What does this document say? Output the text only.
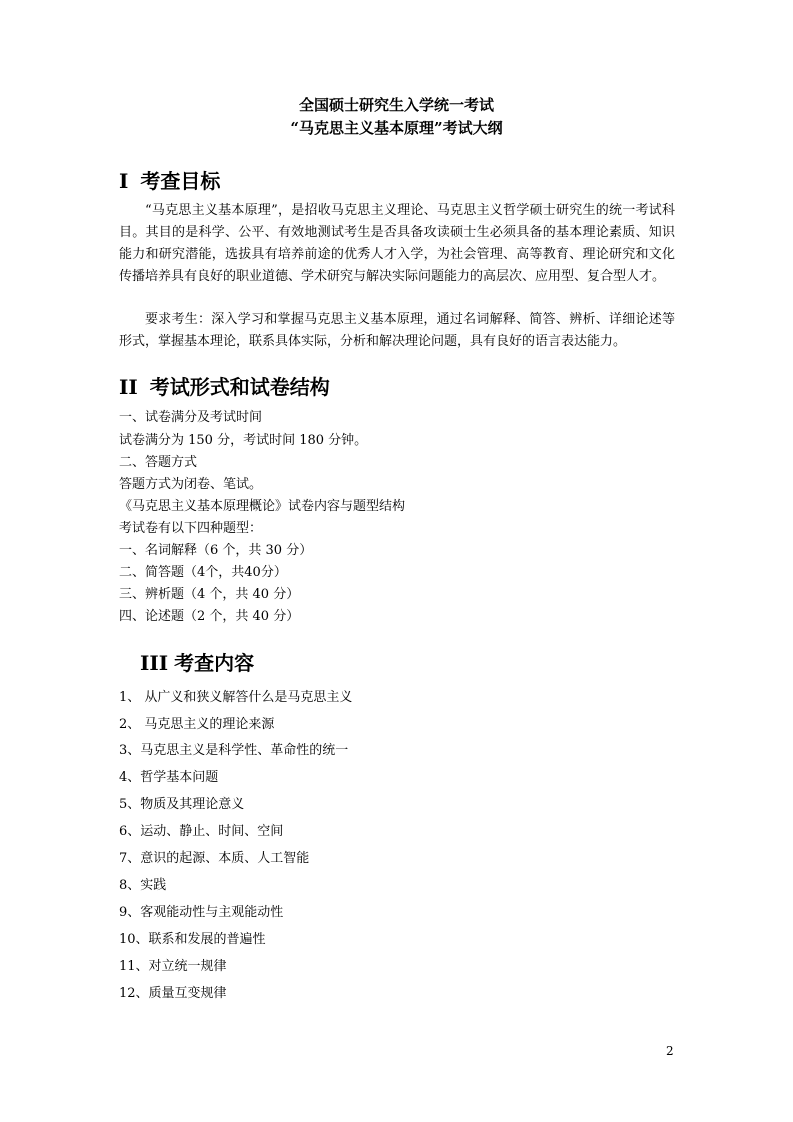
全国硕士研究生入学统一考试
“马克思主义基本原理”考试大纲
I 考查目标
“马克思主义基本原理”，是招收马克思主义理论、马克思主义哲学硕士研究生的统一考试科目。其目的是科学、公平、有效地测试考生是否具备攻读硕士生必须具备的基本理论素质、知识能力和研究潜能，选拔具有培养前途的优秀人才入学，为社会管理、高等教育、理论研究和文化传播培养具有良好的职业道德、学术研究与解决实际问题能力的高层次、应用型、复合型人才。
要求考生：深入学习和掌握马克思主义基本原理，通过名词解释、简答、辨析、详细论述等形式，掌握基本理论，联系具体实际，分析和解决理论问题，具有良好的语言表达能力。
II 考试形式和试卷结构
一、试卷满分及考试时间
试卷满分为 150 分，考试时间 180 分钟。
二、答题方式
答题方式为闭卷、笔试。
《马克思主义基本原理概论》试卷内容与题型结构
考试卷有以下四种题型：
一、名词解释（6 个，共 30 分）
二、简答题（4个，共40分）
三、辨析题（4 个，共 40 分）
四、论述题（2 个，共 40 分）
III 考查内容
1、 从广义和狭义解答什么是马克思主义
2、 马克思主义的理论来源
3、马克思主义是科学性、革命性的统一
4、哲学基本问题
5、物质及其理论意义
6、运动、静止、时间、空间
7、意识的起源、本质、人工智能
8、实践
9、客观能动性与主观能动性
10、联系和发展的普遍性
11、对立统一规律
12、质量互变规律
2
